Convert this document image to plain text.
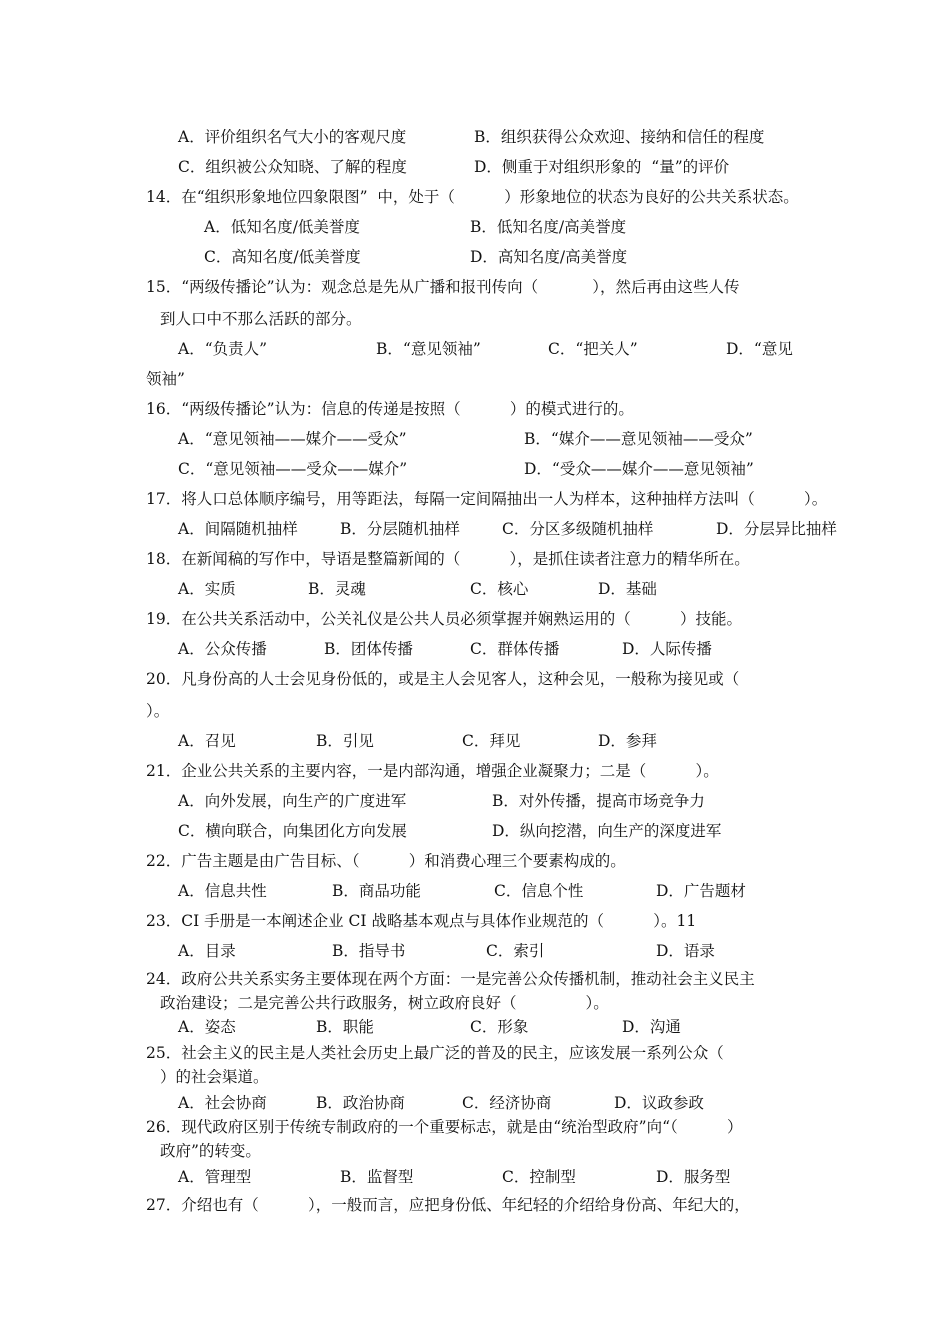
A．评价组织名气大小的客观尺度	B．组织获得公众欢迎、接纳和信任的程度
C．组织被公众知晓、了解的程度	D．侧重于对组织形象的  “量”的评价
14．在“组织形象地位四象限图”  中，处于（          ）形象地位的状态为良好的公共关系状态。
A．低知名度/低美誉度	B．低知名度/高美誉度
C．高知名度/低美誉度	D．高知名度/高美誉度
15．“两级传播论”认为：观念总是先从广播和报刊传向（           ），然后再由这些人传
到人口中不那么活跃的部分。
A．“负责人”	B．“意见领袖”	C．“把关人”	D．“意见
领袖”
16．“两级传播论”认为：信息的传递是按照（          ）的模式进行的。
A．“意见领袖——媒介——受众”	B．“媒介——意见领袖——受众”
C．“意见领袖——受众——媒介”	D．“受众——媒介——意见领袖”
17．将人口总体顺序编号，用等距法，每隔一定间隔抽出一人为样本，这种抽样方法叫（          ）。
A．间隔随机抽样	B．分层随机抽样	C．分区多级随机抽样	D．分层异比抽样
18．在新闻稿的写作中，导语是整篇新闻的（          ），是抓住读者注意力的精华所在。
A．实质	B．灵魂	C．核心	D．基础
19．在公共关系活动中，公关礼仪是公共人员必须掌握并娴熟运用的（          ）技能。
A．公众传播	B．团体传播	C．群体传播	D．人际传播
20．凡身份高的人士会见身份低的，或是主人会见客人，这种会见，一般称为接见或（
）。
A．召见	B．引见	C．拜见	D．参拜
21．企业公共关系的主要内容，一是内部沟通，增强企业凝聚力；二是（          ）。
A．向外发展，向生产的广度进军	B．对外传播，提高市场竞争力
C．横向联合，向集团化方向发展	D．纵向挖潜，向生产的深度进军
22．广告主题是由广告目标、（          ）和消费心理三个要素构成的。
A．信息共性	B．商品功能	C．信息个性	D．广告题材
23．CI 手册是一本阐述企业 CI 战略基本观点与具体作业规范的（          ）。11
A．目录	B．指导书	C．索引	D．语录
24．政府公共关系实务主要体现在两个方面：一是完善公众传播机制，推动社会主义民主
政治建设；二是完善公共行政服务，树立政府良好（              ）。
A．姿态	B．职能	C．形象	D．沟通
25．社会主义的民主是人类社会历史上最广泛的普及的民主，应该发展一系列公众（
）的社会渠道。
A．社会协商	B．政治协商	C．经济协商	D．议政参政
26．现代政府区别于传统专制政府的一个重要标志，就是由“统治型政府”向“（          ）
政府”的转变。
A．管理型	B．监督型	C．控制型	D．服务型
27．介绍也有（          ），一般而言，应把身份低、年纪轻的介绍给身份高、年纪大的，
